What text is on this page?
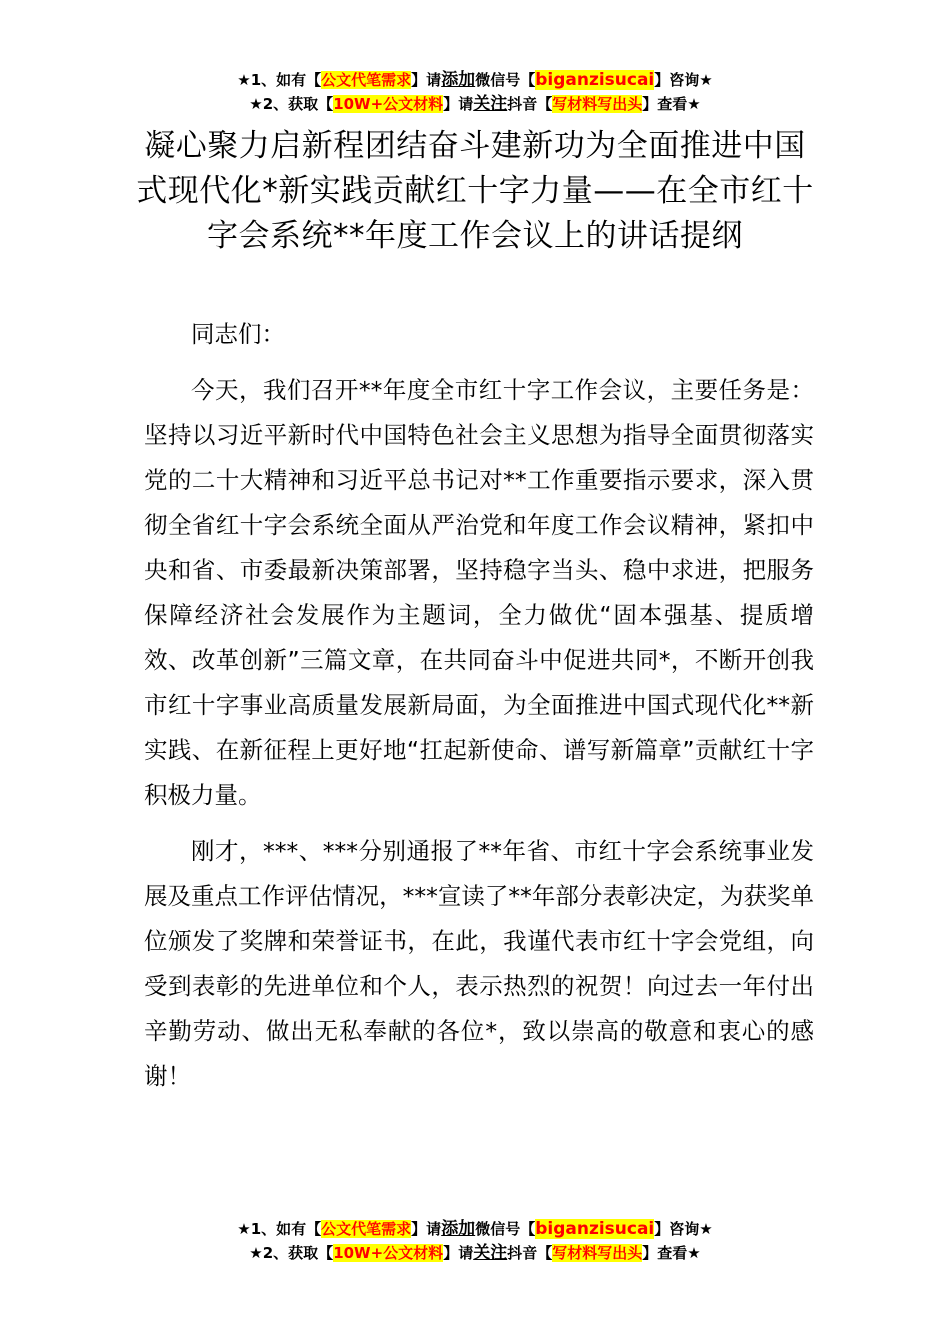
★1、如有【公文代笔需求】请添加微信号【biganzisucai】咨询★
★2、获取【10W+公文材料】请关注抖音【写材料写出头】查看★
凝心聚力启新程团结奋斗建新功为全面推进中国式现代化*新实践贡献红十字力量——在全市红十字会系统**年度工作会议上的讲话提纲

同志们：

今天，我们召开**年度全市红十字工作会议，主要任务是：坚持以习近平新时代中国特色社会主义思想为指导全面贯彻落实党的二十大精神和习近平总书记对**工作重要指示要求，深入贯彻全省红十字会系统全面从严治党和年度工作会议精神，紧扣中央和省、市委最新决策部署，坚持稳字当头、稳中求进，把服务保障经济社会发展作为主题词，全力做优“固本强基、提质增效、改革创新”三篇文章，在共同奋斗中促进共同*，不断开创我市红十字事业高质量发展新局面，为全面推进中国式现代化**新实践、在新征程上更好地“扛起新使命、谱写新篇章”贡献红十字积极力量。

刚才，***、***分别通报了**年省、市红十字会系统事业发展及重点工作评估情况，***宣读了**年部分表彰决定，为获奖单位颁发了奖牌和荣誉证书，在此，我谨代表市红十字会党组，向受到表彰的先进单位和个人，表示热烈的祝贺！向过去一年付出辛勤劳动、做出无私奉献的各位*，致以崇高的敬意和衷心的感谢！

★1、如有【公文代笔需求】请添加微信号【biganzisucai】咨询★
★2、获取【10W+公文材料】请关注抖音【写材料写出头】查看★
